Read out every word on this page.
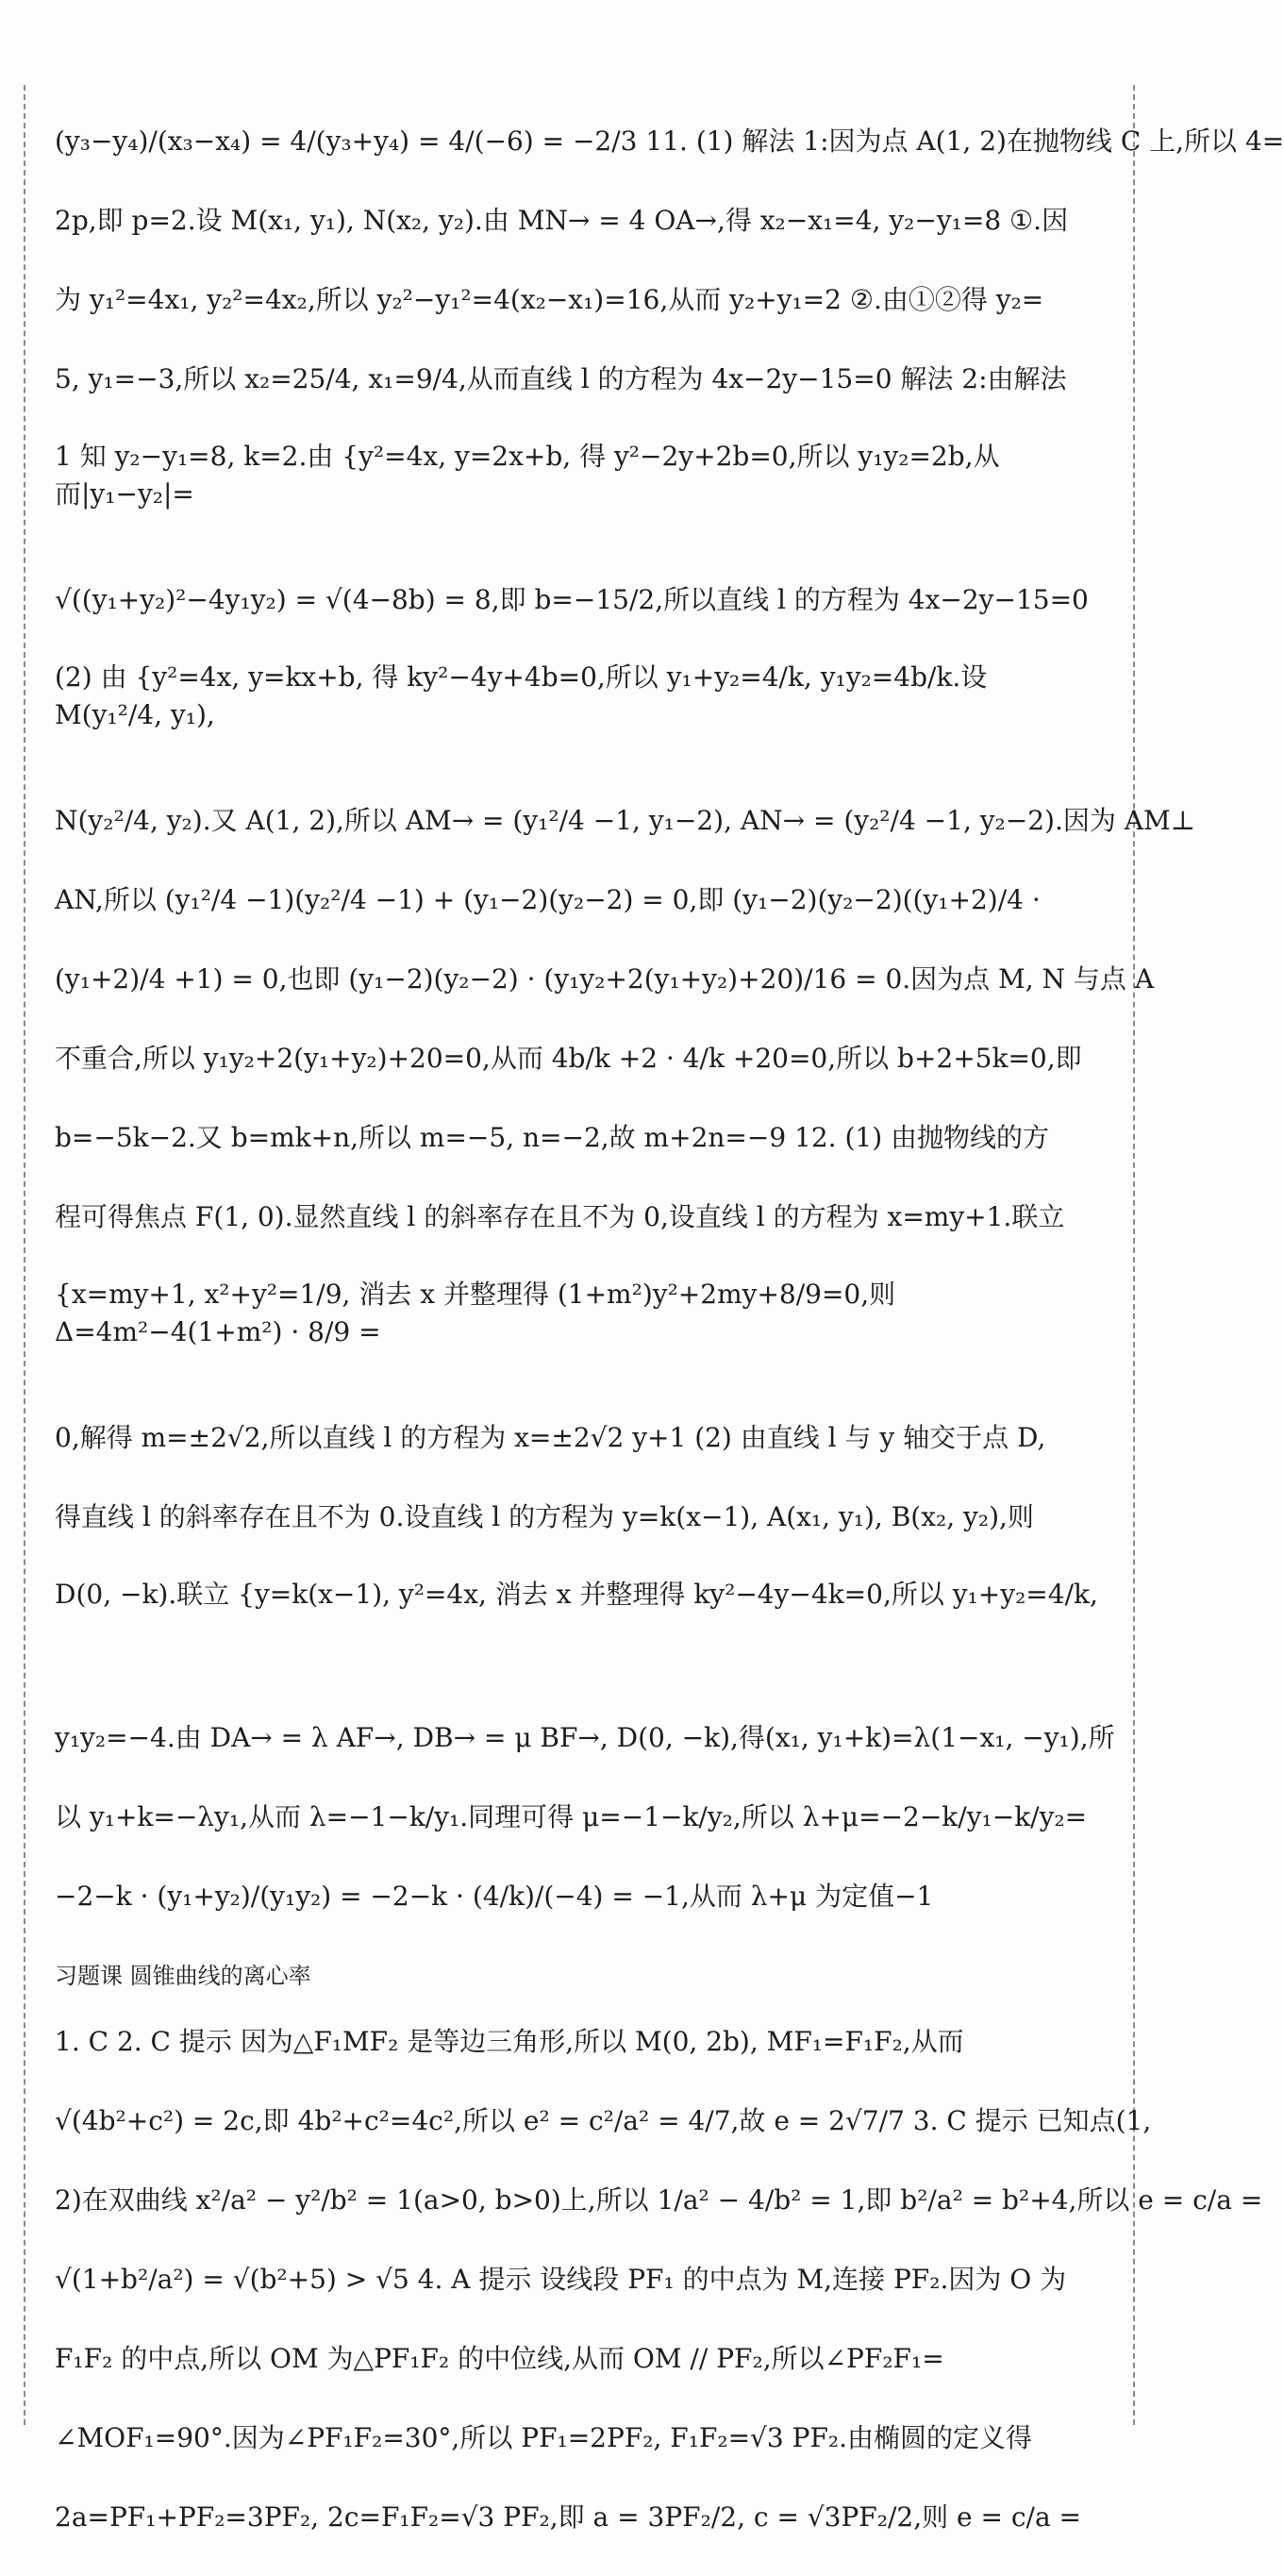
(y₃−y₄)/(x₃−x₄) = 4/(y₃+y₄) = 4/(−6) = −2/3 11. (1) 解法 1:因为点 A(1, 2)在抛物线 C 上,所以 4=
2p,即 p=2.设 M(x₁, y₁), N(x₂, y₂).由 MN→ = 4 OA→,得 x₂−x₁=4, y₂−y₁=8 ①.因
为 y₁²=4x₁, y₂²=4x₂,所以 y₂²−y₁²=4(x₂−x₁)=16,从而 y₂+y₁=2 ②.由①②得 y₂=
5, y₁=−3,所以 x₂=25/4, x₁=9/4,从而直线 l 的方程为 4x−2y−15=0 解法 2:由解法
1 知 y₂−y₁=8, k=2.由 {y²=4x, y=2x+b, 得 y²−2y+2b=0,所以 y₁y₂=2b,从而|y₁−y₂|=
√((y₁+y₂)²−4y₁y₂) = √(4−8b) = 8,即 b=−15/2,所以直线 l 的方程为 4x−2y−15=0
(2) 由 {y²=4x, y=kx+b, 得 ky²−4y+4b=0,所以 y₁+y₂=4/k, y₁y₂=4b/k.设 M(y₁²/4, y₁),
N(y₂²/4, y₂).又 A(1, 2),所以 AM→ = (y₁²/4 −1, y₁−2), AN→ = (y₂²/4 −1, y₂−2).因为 AM⊥
AN,所以 (y₁²/4 −1)(y₂²/4 −1) + (y₁−2)(y₂−2) = 0,即 (y₁−2)(y₂−2)((y₁+2)/4 ·
(y₁+2)/4 +1) = 0,也即 (y₁−2)(y₂−2) · (y₁y₂+2(y₁+y₂)+20)/16 = 0.因为点 M, N 与点 A
不重合,所以 y₁y₂+2(y₁+y₂)+20=0,从而 4b/k +2 · 4/k +20=0,所以 b+2+5k=0,即
b=−5k−2.又 b=mk+n,所以 m=−5, n=−2,故 m+2n=−9 12. (1) 由抛物线的方
程可得焦点 F(1, 0).显然直线 l 的斜率存在且不为 0,设直线 l 的方程为 x=my+1.联立
{x=my+1, x²+y²=1/9, 消去 x 并整理得 (1+m²)y²+2my+8/9=0,则 Δ=4m²−4(1+m²) · 8/9 =
0,解得 m=±2√2,所以直线 l 的方程为 x=±2√2 y+1 (2) 由直线 l 与 y 轴交于点 D,
得直线 l 的斜率存在且不为 0.设直线 l 的方程为 y=k(x−1), A(x₁, y₁), B(x₂, y₂),则
D(0, −k).联立 {y=k(x−1), y²=4x, 消去 x 并整理得 ky²−4y−4k=0,所以 y₁+y₂=4/k,
y₁y₂=−4.由 DA→ = λ AF→, DB→ = μ BF→, D(0, −k),得(x₁, y₁+k)=λ(1−x₁, −y₁),所
以 y₁+k=−λy₁,从而 λ=−1−k/y₁.同理可得 μ=−1−k/y₂,所以 λ+μ=−2−k/y₁−k/y₂=
−2−k · (y₁+y₂)/(y₁y₂) = −2−k · (4/k)/(−4) = −1,从而 λ+μ 为定值−1
习题课 圆锥曲线的离心率
1. C 2. C 提示 因为△F₁MF₂ 是等边三角形,所以 M(0, 2b), MF₁=F₁F₂,从而
√(4b²+c²) = 2c,即 4b²+c²=4c²,所以 e² = c²/a² = 4/7,故 e = 2√7/7 3. C 提示 已知点(1,
2)在双曲线 x²/a² − y²/b² = 1(a>0, b>0)上,所以 1/a² − 4/b² = 1,即 b²/a² = b²+4,所以 e = c/a =
√(1+b²/a²) = √(b²+5) > √5 4. A 提示 设线段 PF₁ 的中点为 M,连接 PF₂.因为 O 为
F₁F₂ 的中点,所以 OM 为△PF₁F₂ 的中位线,从而 OM // PF₂,所以∠PF₂F₁=
∠MOF₁=90°.因为∠PF₁F₂=30°,所以 PF₁=2PF₂, F₁F₂=√3 PF₂.由椭圆的定义得
2a=PF₁+PF₂=3PF₂, 2c=F₁F₂=√3 PF₂,即 a = 3PF₂/2, c = √3PF₂/2,则 e = c/a =
